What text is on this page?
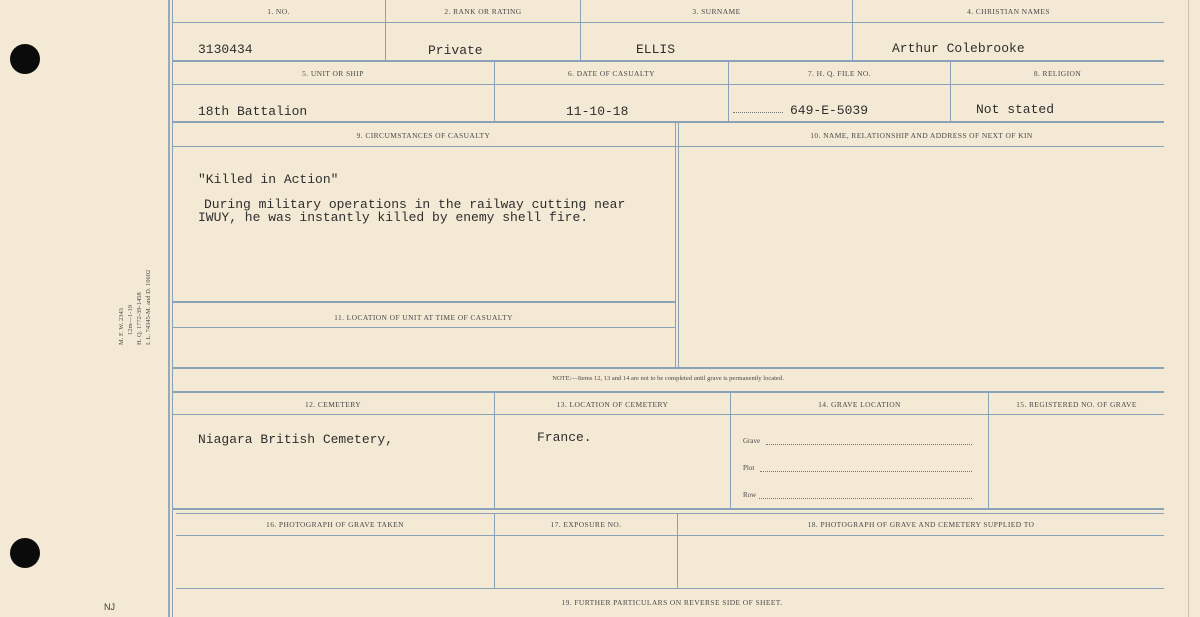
M. F. W. 2343 12m—1-19 H. Q. 1772-39-1458 I. L. 74345-M. and D. 10602
NJ
1. NO.	2. RANK OR RATING	3. SURNAME	4. CHRISTIAN NAMES
3130434	Private	ELLIS	Arthur Colebrooke
5. UNIT OR SHIP	6. DATE OF CASUALTY	7. H. Q. FILE NO.	8. RELIGION
18th Battalion	11-10-18	649-E-5039	Not stated
9. CIRCUMSTANCES OF CASUALTY	10. NAME, RELATIONSHIP AND ADDRESS OF NEXT OF KIN
"Killed in Action"
During military operations in the railway cutting near
IWUY, he was instantly killed by enemy shell fire.
11. LOCATION OF UNIT AT TIME OF CASUALTY
NOTE:—Items 12, 13 and 14 are not to be completed until grave is permanently located.
12. CEMETERY	13. LOCATION OF CEMETERY	14. GRAVE LOCATION	15. REGISTERED NO. OF GRAVE
Niagara British Cemetery,	France.	Grave
Plot
Row
16. PHOTOGRAPH OF GRAVE TAKEN	17. EXPOSURE NO.	18. PHOTOGRAPH OF GRAVE AND CEMETERY SUPPLIED TO
19. FURTHER PARTICULARS ON REVERSE SIDE OF SHEET.
